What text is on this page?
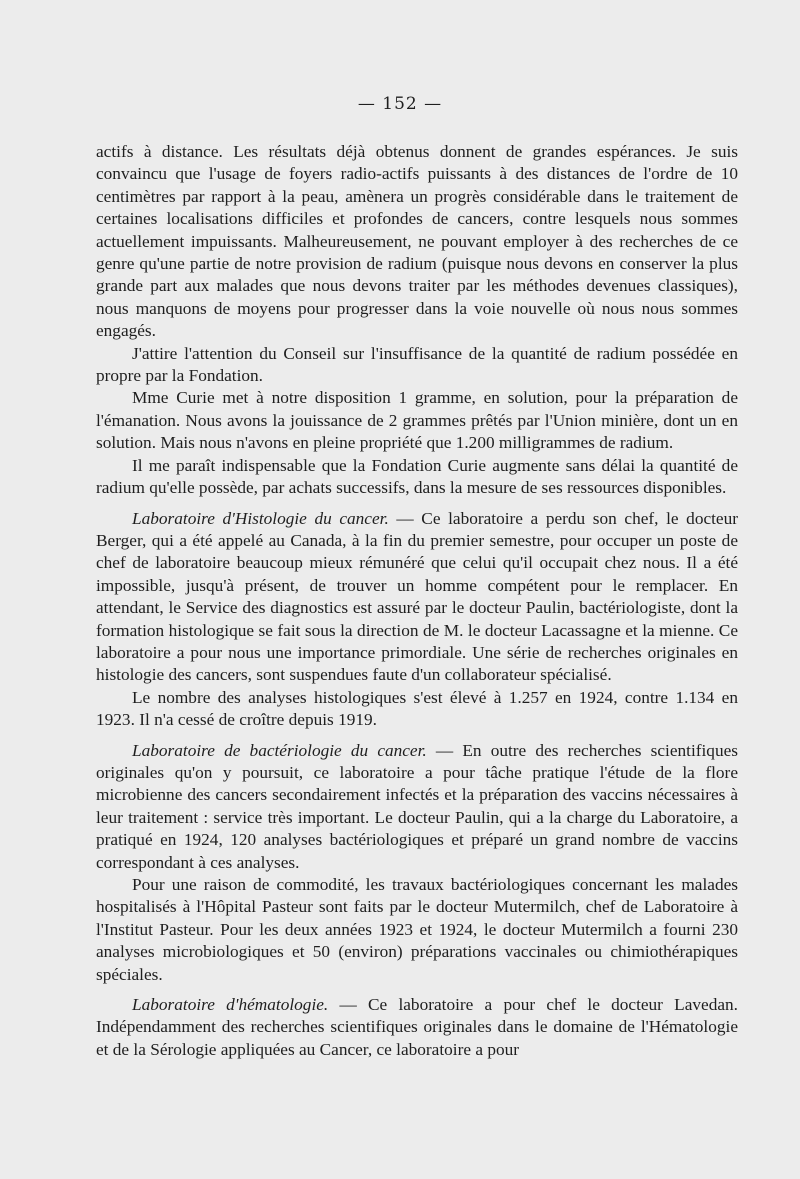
— 152 —

actifs à distance. Les résultats déjà obtenus donnent de grandes espérances. Je suis convaincu que l'usage de foyers radio-actifs puissants à des distances de l'ordre de 10 centimètres par rapport à la peau, amènera un progrès considérable dans le traitement de certaines localisations difficiles et profondes de cancers, contre lesquels nous sommes actuellement impuissants. Malheureusement, ne pouvant employer à des recherches de ce genre qu'une partie de notre provision de radium (puisque nous devons en conserver la plus grande part aux malades que nous devons traiter par les méthodes devenues classiques), nous manquons de moyens pour progresser dans la voie nouvelle où nous nous sommes engagés.

J'attire l'attention du Conseil sur l'insuffisance de la quantité de radium possédée en propre par la Fondation.

Mme Curie met à notre disposition 1 gramme, en solution, pour la préparation de l'émanation. Nous avons la jouissance de 2 grammes prêtés par l'Union minière, dont un en solution. Mais nous n'avons en pleine propriété que 1.200 milligrammes de radium.

Il me paraît indispensable que la Fondation Curie augmente sans délai la quantité de radium qu'elle possède, par achats successifs, dans la mesure de ses ressources disponibles.

Laboratoire d'Histologie du cancer. — Ce laboratoire a perdu son chef, le docteur Berger, qui a été appelé au Canada, à la fin du premier semestre, pour occuper un poste de chef de laboratoire beaucoup mieux rémunéré que celui qu'il occupait chez nous. Il a été impossible, jusqu'à présent, de trouver un homme compétent pour le remplacer. En attendant, le Service des diagnostics est assuré par le docteur Paulin, bactériologiste, dont la formation histologique se fait sous la direction de M. le docteur Lacassagne et la mienne. Ce laboratoire a pour nous une importance primordiale. Une série de recherches originales en histologie des cancers, sont suspendues faute d'un collaborateur spécialisé.

Le nombre des analyses histologiques s'est élevé à 1.257 en 1924, contre 1.134 en 1923. Il n'a cessé de croître depuis 1919.

Laboratoire de bactériologie du cancer. — En outre des recherches scientifiques originales qu'on y poursuit, ce laboratoire a pour tâche pratique l'étude de la flore microbienne des cancers secondairement infectés et la préparation des vaccins nécessaires à leur traitement : service très important. Le docteur Paulin, qui a la charge du Laboratoire, a pratiqué en 1924, 120 analyses bactériologiques et préparé un grand nombre de vaccins correspondant à ces analyses.

Pour une raison de commodité, les travaux bactériologiques concernant les malades hospitalisés à l'Hôpital Pasteur sont faits par le docteur Mutermilch, chef de Laboratoire à l'Institut Pasteur. Pour les deux années 1923 et 1924, le docteur Mutermilch a fourni 230 analyses microbiologiques et 50 (environ) préparations vaccinales ou chimiothérapiques spéciales.

Laboratoire d'hématologie. — Ce laboratoire a pour chef le docteur Lavedan. Indépendamment des recherches scientifiques originales dans le domaine de l'Hématologie et de la Sérologie appliquées au Cancer, ce laboratoire a pour
